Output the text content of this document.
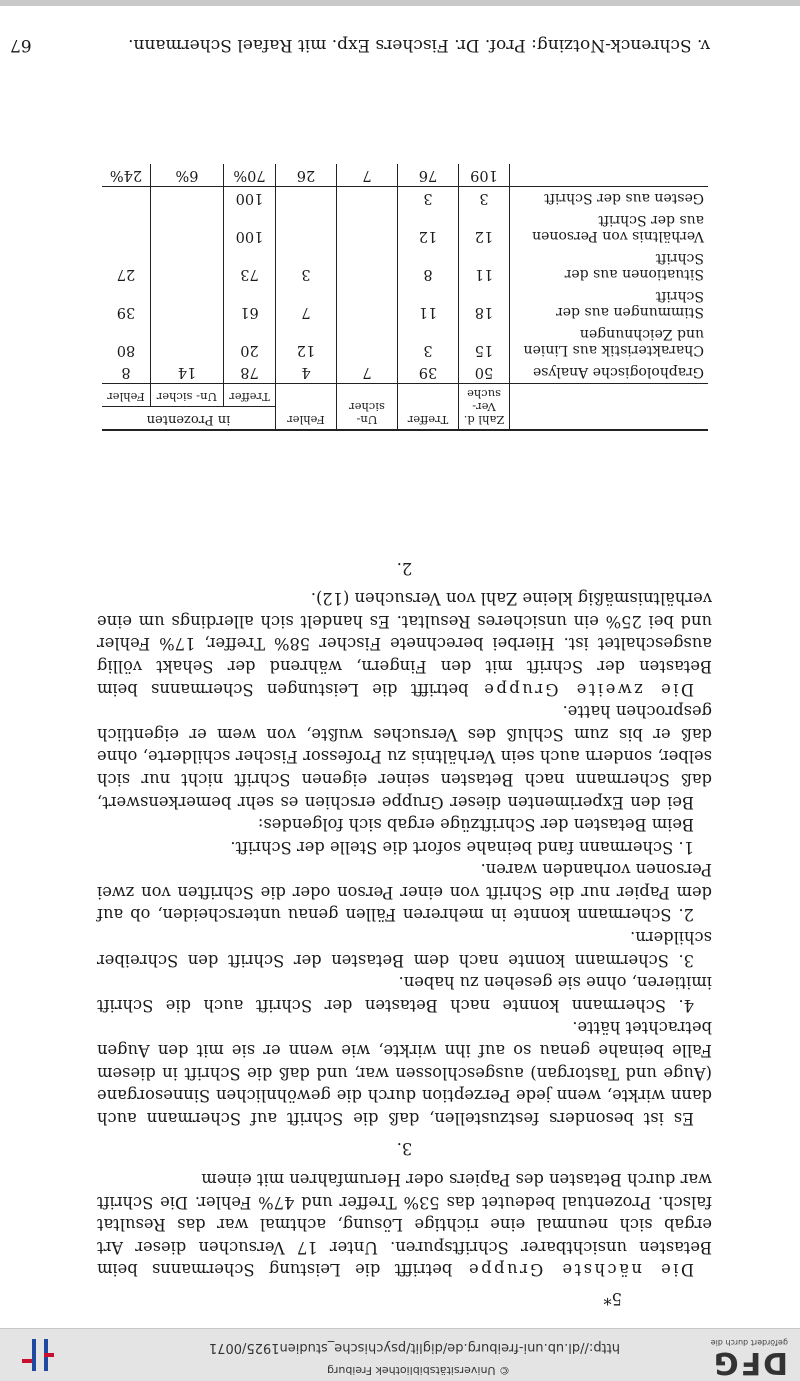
DFG
gefördert durch die
http://dl.ub.uni-freiburg.de/diglit/psychische_studien1925/0071
© Universitätsbibliothek Freiburg
v. Schrenck-Notzing: Prof. Dr. Fischers Exp. mit Rafael Schermann.
67
	Zahl d. Ver- suche	Treffer	Un- sicher	Fehler	in Prozenten		
					Treffer	Un- sicher	Fehler
Graphologische Analyse	50	39	7	4	78	14	8
Charakteristik aus Linien und Zeichnungen	15	3		12	20		80
Stimmungen aus der Schrift	18	11		7	61		39
Situationen aus der Schrift	11	8		3	73		27
Verhältnis von Personen aus der Schrift	12	12			100		
Gesten aus der Schrift	3	3			100		
	109	76	7	26	70%	6%	24%

5*

Die nächste Gruppe betrifft die Leistung Schermanns beim Betasten unsichtbarer Schriftspuren. Unter 17 Versuchen dieser Art ergab sich neunmal eine richtige Lösung, achtmal war das Resultat falsch. Prozentual bedeutet das 53% Treffer und 47% Fehler. Die Schrift war durch Betasten des Papiers oder Herumfahren mit einem

3.

Es ist besonders festzustellen, daß die Schrift auf Schermann auch dann wirkte, wenn jede Perzeption durch die gewöhnlichen Sinnesorgane (Auge und Tastorgan) ausgeschlossen war, und daß die Schrift in diesem Falle beinahe genau so auf ihn wirkte, wie wenn er sie mit den Augen betrachtet hätte.

4. Schermann konnte nach Betasten der Schrift auch die Schrift imitieren, ohne sie gesehen zu haben.

3. Schermann konnte nach dem Betasten der Schrift den Schreiber schildern.

2. Schermann konnte in mehreren Fällen genau unterscheiden, ob auf dem Papier nur die Schrift von einer Person oder die Schriften von zwei Personen vorhanden waren.

1. Schermann fand beinahe sofort die Stelle der Schrift.

Beim Betasten der Schriftzüge ergab sich folgendes:

Bei den Experimenten dieser Gruppe erschien es sehr bemerkenswert, daß Schermann nach Betasten seiner eigenen Schrift nicht nur sich selber, sondern auch sein Verhältnis zu Professor Fischer schilderte, ohne daß er bis zum Schluß des Versuches wußte, von wem er eigentlich gesprochen hatte.

Die zweite Gruppe betrifft die Leistungen Schermanns beim Betasten der Schrift mit den Fingern, während der Sehakt völlig ausgeschaltet ist. Hierbei berechnete Fischer 58% Treffer, 17% Fehler und bei 25% ein unsicheres Resultat. Es handelt sich allerdings um eine verhältnismäßig kleine Zahl von Versuchen (12).

2.
